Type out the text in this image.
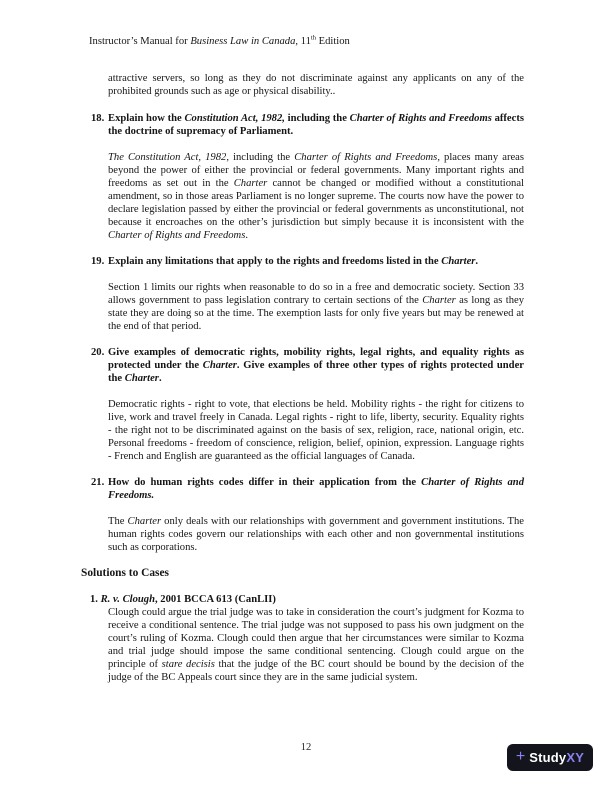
Instructor’s Manual for Business Law in Canada, 11th Edition

attractive servers, so long as they do not discriminate against any applicants on any of the prohibited grounds such as age or physical disability..

18. Explain how the Constitution Act, 1982, including the Charter of Rights and Freedoms affects the doctrine of supremacy of Parliament.

The Constitution Act, 1982, including the Charter of Rights and Freedoms, places many areas beyond the power of either the provincial or federal governments. Many important rights and freedoms as set out in the Charter cannot be changed or modified without a constitutional amendment, so in those areas Parliament is no longer supreme. The courts now have the power to declare legislation passed by either the provincial or federal governments as unconstitutional, not because it encroaches on the other’s jurisdiction but simply because it is inconsistent with the Charter of Rights and Freedoms.

19. Explain any limitations that apply to the rights and freedoms listed in the Charter.

Section 1 limits our rights when reasonable to do so in a free and democratic society. Section 33 allows government to pass legislation contrary to certain sections of the Charter as long as they state they are doing so at the time. The exemption lasts for only five years but may be renewed at the end of that period.

20. Give examples of democratic rights, mobility rights, legal rights, and equality rights as protected under the Charter. Give examples of three other types of rights protected under the Charter.

Democratic rights - right to vote, that elections be held. Mobility rights - the right for citizens to live, work and travel freely in Canada. Legal rights - right to life, liberty, security. Equality rights - the right not to be discriminated against on the basis of sex, religion, race, national origin, etc. Personal freedoms - freedom of conscience, religion, belief, opinion, expression. Language rights - French and English are guaranteed as the official languages of Canada.

21. How do human rights codes differ in their application from the Charter of Rights and Freedoms.

The Charter only deals with our relationships with government and government institutions. The human rights codes govern our relationships with each other and non governmental institutions such as corporations.

Solutions to Cases

1. R. v. Clough, 2001 BCCA 613 (CanLII)

Clough could argue the trial judge was to take in consideration the court’s judgment for Kozma to receive a conditional sentence. The trial judge was not supposed to pass his own judgment on the court’s ruling of Kozma. Clough could then argue that her circumstances were similar to Kozma and trial judge should impose the same conditional sentencing. Clough could argue on the principle of stare decisis that the judge of the BC court should be bound by the decision of the judge of the BC Appeals court since they are in the same judicial system.

12	+ Study XY
